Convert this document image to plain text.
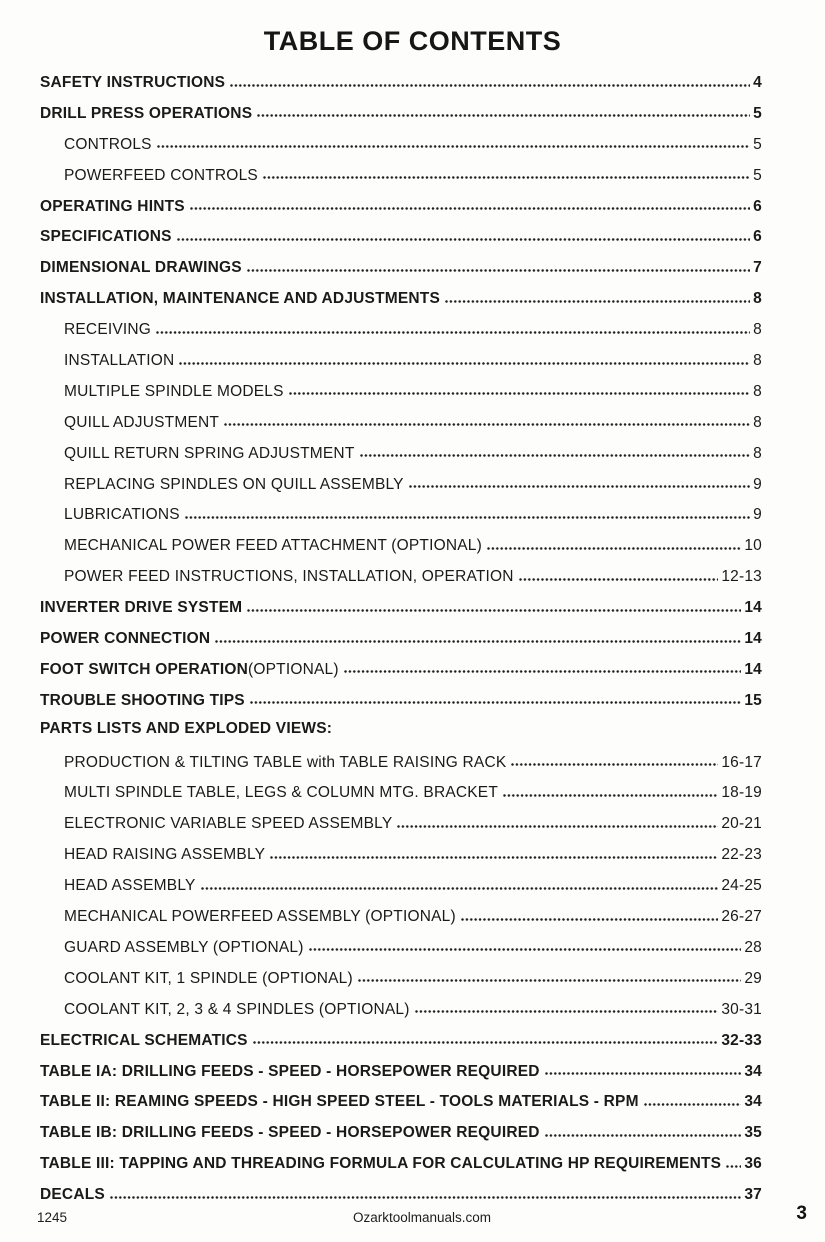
TABLE OF CONTENTS
SAFETY INSTRUCTIONS	4
DRILL PRESS OPERATIONS	5
CONTROLS	5
POWERFEED CONTROLS	5
OPERATING HINTS	6
SPECIFICATIONS	6
DIMENSIONAL DRAWINGS	7
INSTALLATION, MAINTENANCE AND ADJUSTMENTS	8
RECEIVING	8
INSTALLATION	8
MULTIPLE SPINDLE MODELS	8
QUILL ADJUSTMENT	8
QUILL RETURN SPRING ADJUSTMENT	8
REPLACING SPINDLES ON QUILL ASSEMBLY	9
LUBRICATIONS	9
MECHANICAL POWER FEED ATTACHMENT (OPTIONAL)	10
POWER FEED INSTRUCTIONS, INSTALLATION, OPERATION	12-13
INVERTER DRIVE SYSTEM	14
POWER CONNECTION	14
FOOT SWITCH OPERATION (OPTIONAL)	14
TROUBLE SHOOTING TIPS	15
PARTS LISTS AND EXPLODED VIEWS:
PRODUCTION & TILTING TABLE with TABLE RAISING RACK	16-17
MULTI SPINDLE TABLE, LEGS & COLUMN MTG. BRACKET	18-19
ELECTRONIC VARIABLE SPEED ASSEMBLY	20-21
HEAD RAISING ASSEMBLY	22-23
HEAD ASSEMBLY	24-25
MECHANICAL POWERFEED ASSEMBLY (OPTIONAL)	26-27
GUARD ASSEMBLY (OPTIONAL)	28
COOLANT KIT, 1 SPINDLE (OPTIONAL)	29
COOLANT KIT, 2, 3 & 4 SPINDLES (OPTIONAL)	30-31
ELECTRICAL SCHEMATICS	32-33
TABLE IA: DRILLING FEEDS - SPEED - HORSEPOWER REQUIRED	34
TABLE II: REAMING SPEEDS - HIGH SPEED STEEL - TOOLS MATERIALS - RPM	34
TABLE IB: DRILLING FEEDS - SPEED - HORSEPOWER REQUIRED	35
TABLE III: TAPPING AND THREADING FORMULA FOR CALCULATING HP REQUIREMENTS 36
DECALS	37
1245	Ozarktoolmanuals.com	3
